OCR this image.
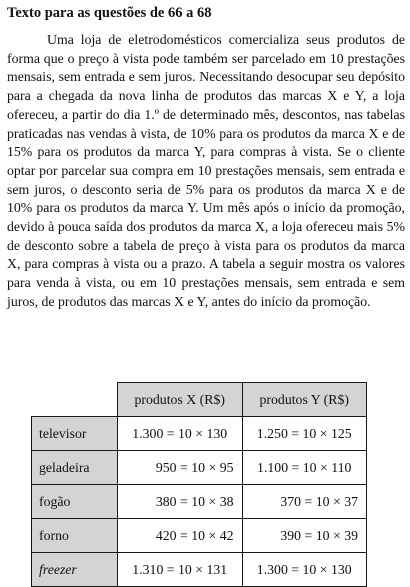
Texto para as questões de 66 a 68

Uma loja de eletrodomésticos comercializa seus produtos de forma que o preço à vista pode também ser parcelado em 10 prestações mensais, sem entrada e sem juros. Necessitando desocupar seu depósito para a chegada da nova linha de produtos das marcas X e Y, a loja ofereceu, a partir do dia 1.º de determinado mês, descontos, nas tabelas praticadas nas vendas à vista, de 10% para os produtos da marca X e de 15% para os produtos da marca Y, para compras à vista. Se o cliente optar por parcelar sua compra em 10 prestações mensais, sem entrada e sem juros, o desconto seria de 5% para os produtos da marca X e de 10% para os produtos da marca Y. Um mês após o início da promoção, devido à pouca saída dos produtos da marca X, a loja ofereceu mais 5% de desconto sobre a tabela de preço à vista para os produtos da marca X, para compras à vista ou a prazo. A tabela a seguir mostra os valores para venda à vista, ou em 10 prestações mensais, sem entrada e sem juros, de produtos das marcas X e Y, antes do início da promoção.

	produtos X (R$)	produtos Y (R$)
televisor	1.300 = 10 × 130	1.250 = 10 × 125
geladeira	950 = 10 × 95	1.100 = 10 × 110
fogão	380 = 10 × 38	370 = 10 × 37
forno	420 = 10 × 42	390 = 10 × 39
freezer	1.310 = 10 × 131	1.300 = 10 × 130
